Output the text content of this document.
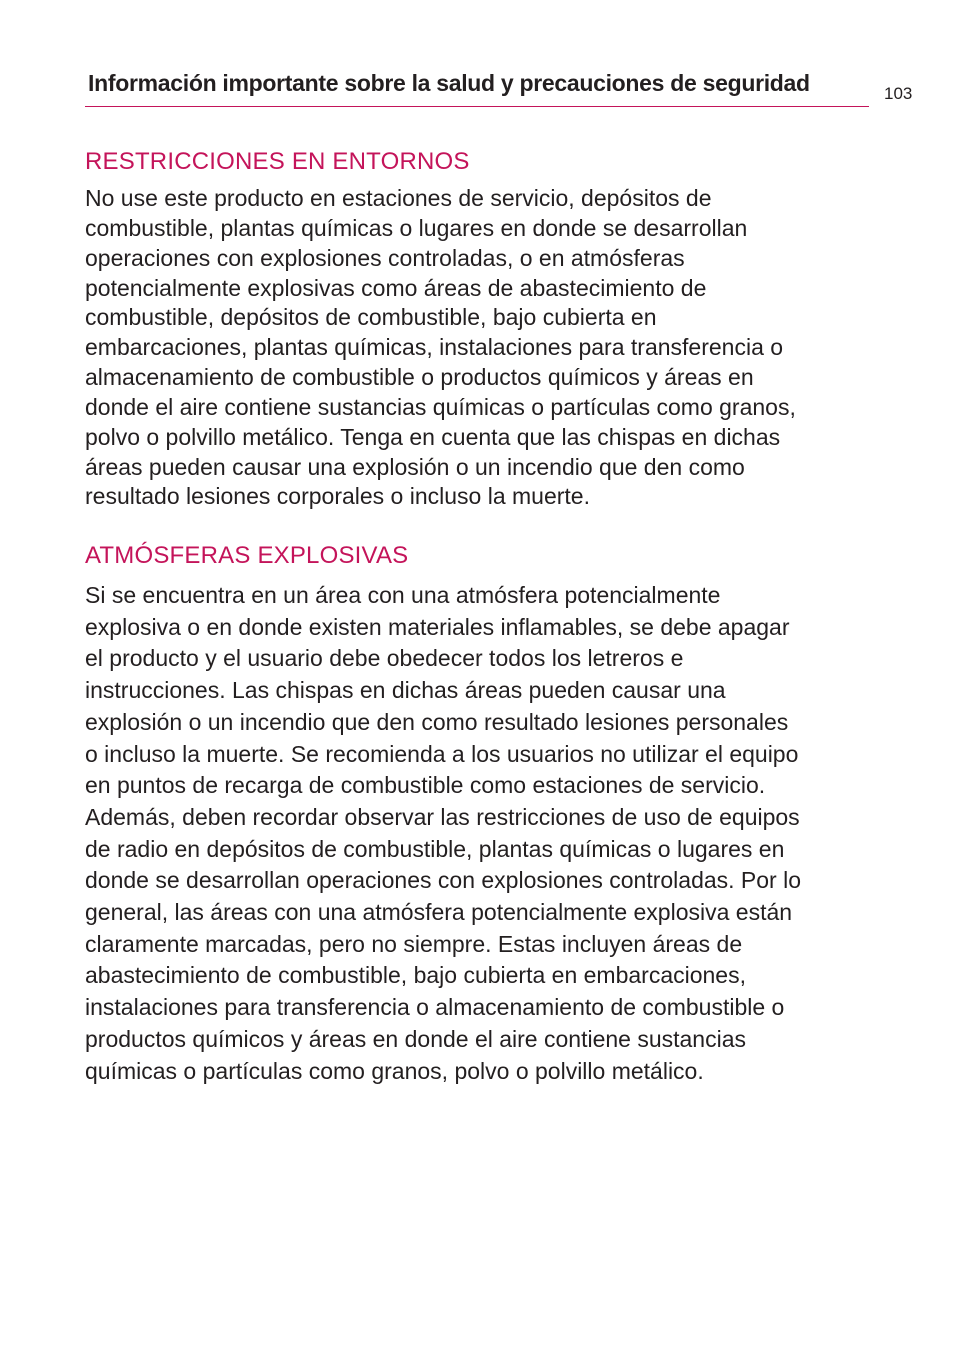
Información importante sobre la salud y precauciones de seguridad	103
RESTRICCIONES EN ENTORNOS
No use este producto en estaciones de servicio, depósitos de
combustible, plantas químicas o lugares en donde se desarrollan
operaciones con explosiones controladas, o en atmósferas
potencialmente explosivas como áreas de abastecimiento de
combustible, depósitos de combustible, bajo cubierta en
embarcaciones, plantas químicas, instalaciones para transferencia o
almacenamiento de combustible o productos químicos y áreas en
donde el aire contiene sustancias químicas o partículas como granos,
polvo o polvillo metálico. Tenga en cuenta que las chispas en dichas
áreas pueden causar una explosión o un incendio que den como
resultado lesiones corporales o incluso la muerte.
ATMÓSFERAS EXPLOSIVAS
Si se encuentra en un área con una atmósfera potencialmente
explosiva o en donde existen materiales inflamables, se debe apagar
el producto y el usuario debe obedecer todos los letreros e
instrucciones. Las chispas en dichas áreas pueden causar una
explosión o un incendio que den como resultado lesiones personales
o incluso la muerte. Se recomienda a los usuarios no utilizar el equipo
en puntos de recarga de combustible como estaciones de servicio.
Además, deben recordar observar las restricciones de uso de equipos
de radio en depósitos de combustible, plantas químicas o lugares en
donde se desarrollan operaciones con explosiones controladas. Por lo
general, las áreas con una atmósfera potencialmente explosiva están
claramente marcadas, pero no siempre. Estas incluyen áreas de
abastecimiento de combustible, bajo cubierta en embarcaciones,
instalaciones para transferencia o almacenamiento de combustible o
productos químicos y áreas en donde el aire contiene sustancias
químicas o partículas como granos, polvo o polvillo metálico.
